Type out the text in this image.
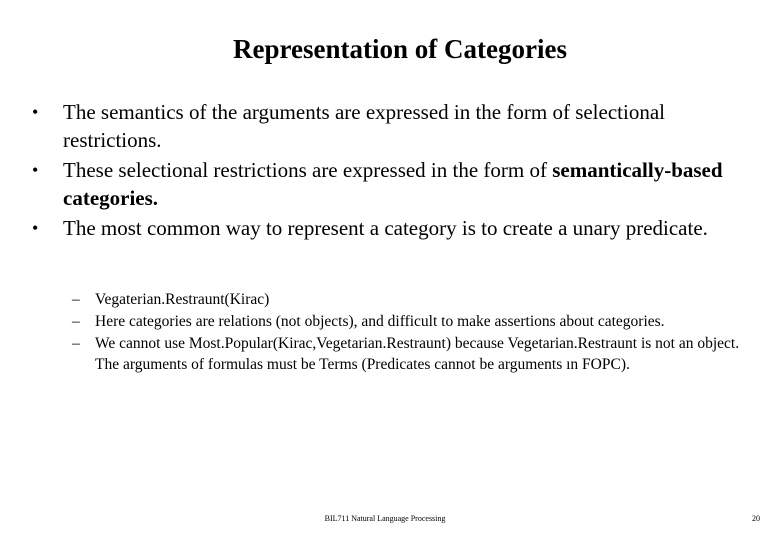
Representation of Categories
• The semantics of the arguments are expressed in the form of selectional restrictions.
• These selectional restrictions are expressed in the form of semantically-based categories.
• The most common way to represent a category is to create a unary predicate.
– Vegaterian.Restraunt(Kirac)
– Here categories are relations (not objects), and difficult to make assertions about categories.
– We cannot use Most.Popular(Kirac,Vegetarian.Restraunt) because Vegetarian.Restraunt is not an object. The arguments of formulas must be Terms (Predicates cannot be arguments ın FOPC).
BIL711 Natural Language Processing	20
